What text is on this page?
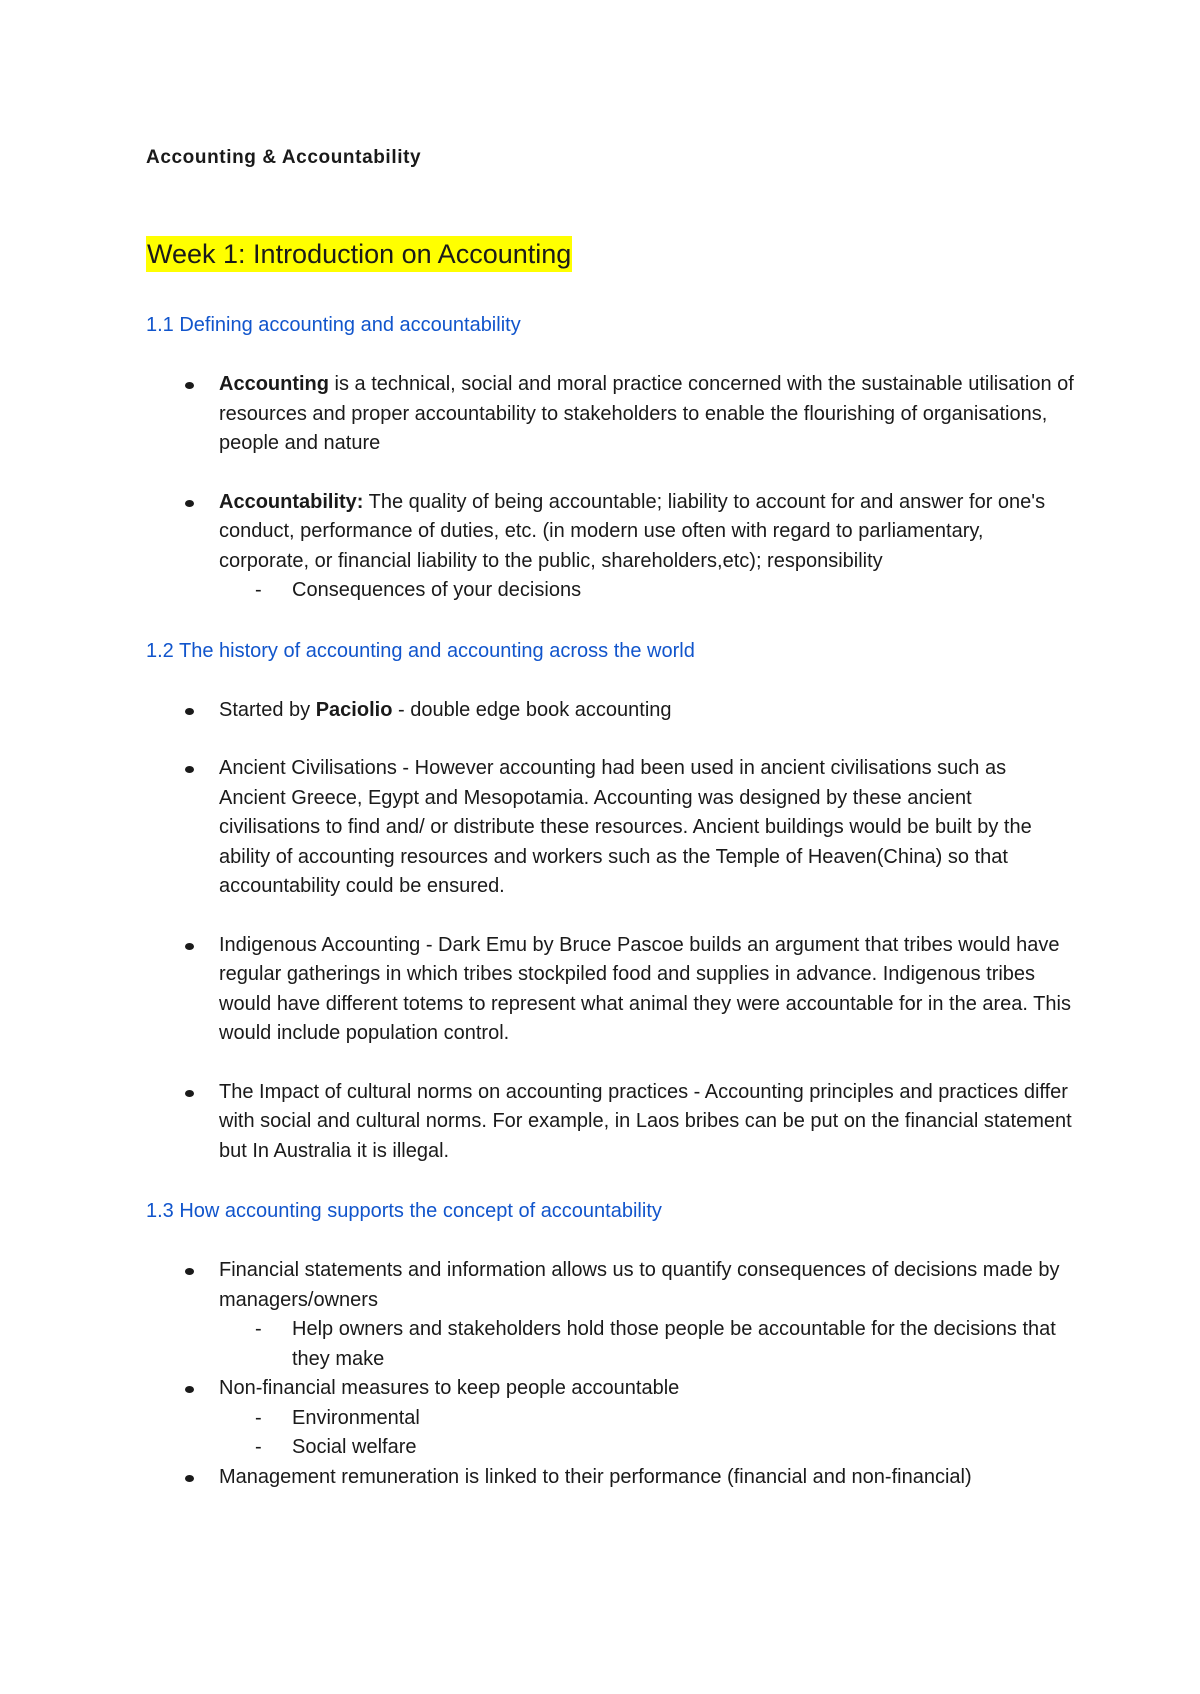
Accounting & Accountability
Week 1: Introduction on Accounting
1.1 Defining accounting and accountability
Accounting is a technical, social and moral practice concerned with the sustainable utilisation of resources and proper accountability to stakeholders to enable the flourishing of organisations, people and nature
Accountability: The quality of being accountable; liability to account for and answer for one's conduct, performance of duties, etc. (in modern use often with regard to parliamentary, corporate, or financial liability to the public, shareholders,etc); responsibility
- Consequences of your decisions
1.2 The history of accounting and accounting across the world
Started by Paciolio - double edge book accounting
Ancient Civilisations - However accounting had been used in ancient civilisations such as Ancient Greece, Egypt and Mesopotamia. Accounting was designed by these ancient civilisations to find and/ or distribute these resources. Ancient buildings would be built by the ability of accounting resources and workers such as the Temple of Heaven(China) so that accountability could be ensured.
Indigenous Accounting - Dark Emu by Bruce Pascoe builds an argument that tribes would have regular gatherings in which tribes stockpiled food and supplies in advance. Indigenous tribes would have different totems to represent what animal they were accountable for in the area. This would include population control.
The Impact of cultural norms on accounting practices - Accounting principles and practices differ with social and cultural norms. For example, in Laos bribes can be put on the financial statement but In Australia it is illegal.
1.3 How accounting supports the concept of accountability
Financial statements and information allows us to quantify consequences of decisions made by managers/owners
- Help owners and stakeholders hold those people be accountable for the decisions that they make
Non-financial measures to keep people accountable
- Environmental
- Social welfare
Management remuneration is linked to their performance (financial and non-financial)
